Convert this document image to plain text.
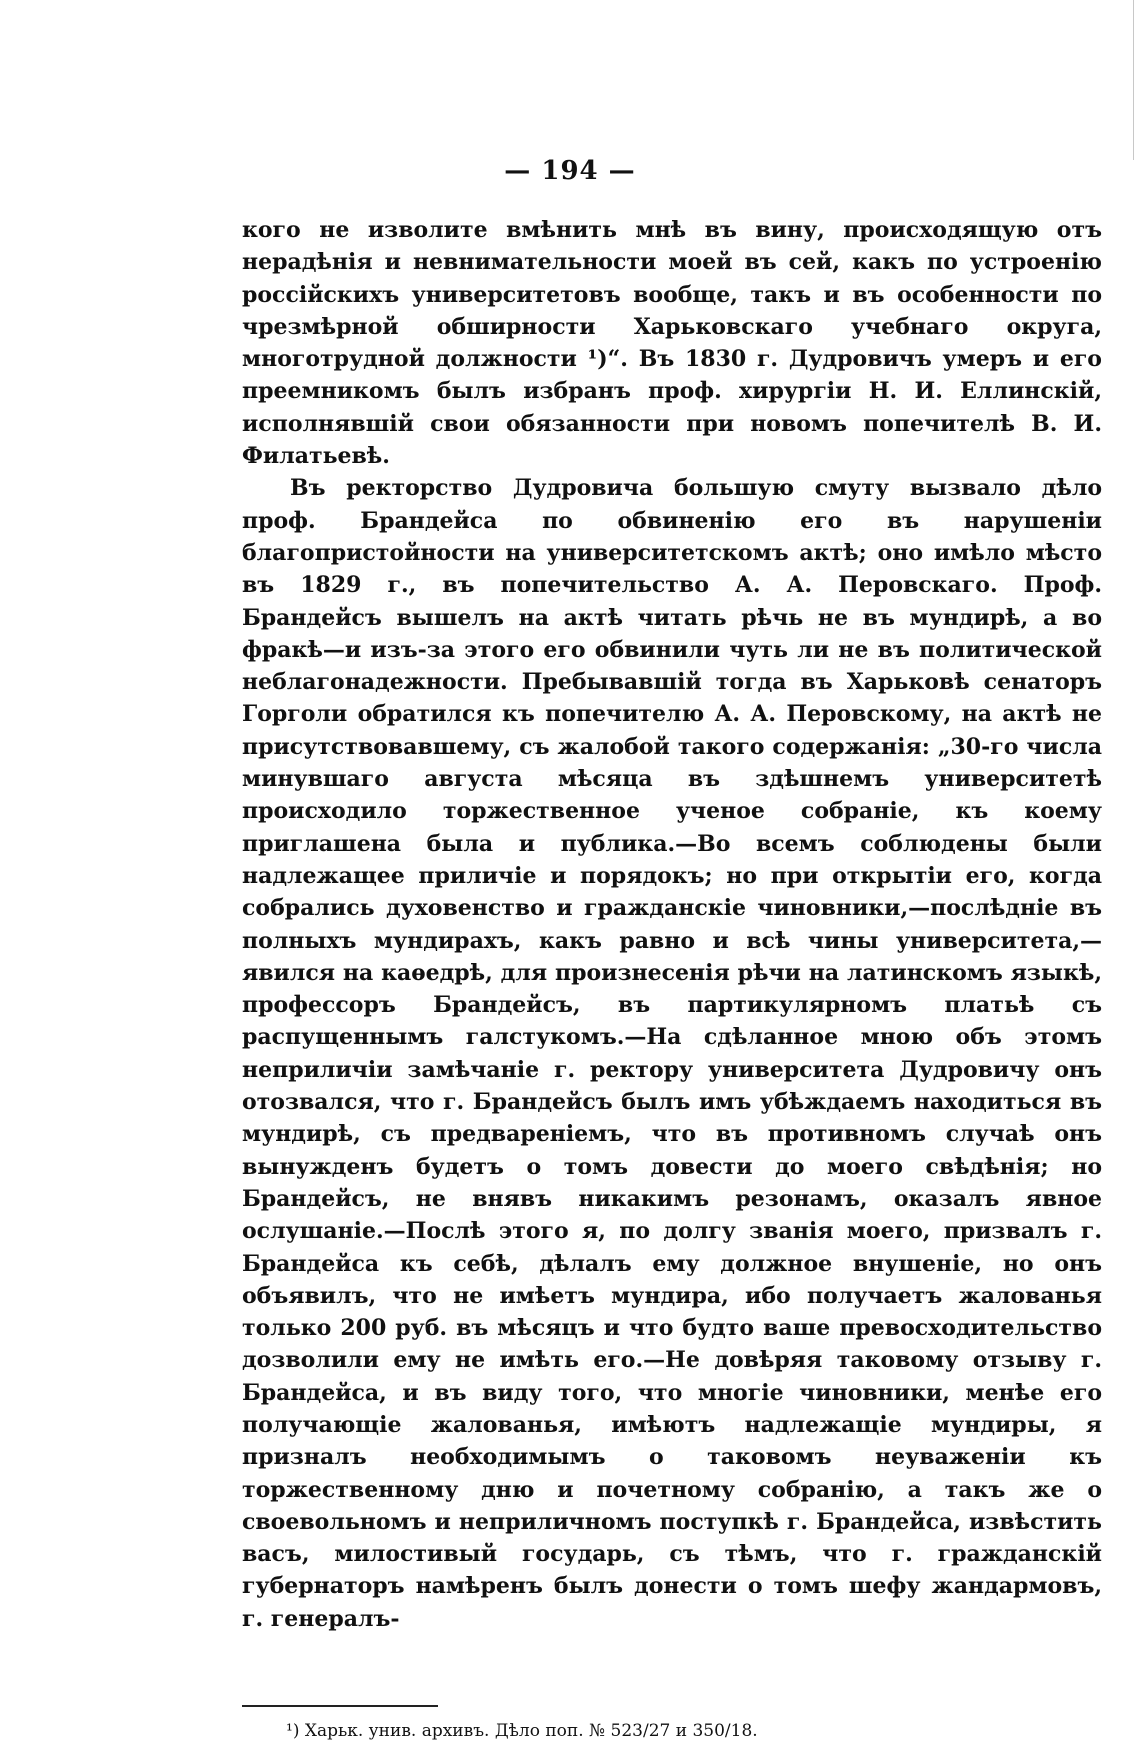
— 194 —

кого не изволите вмѣнить мнѣ въ вину, происходящую отъ нерадѣнія и невнимательности моей въ сей, какъ по устроенію россійскихъ университетовъ вообще, такъ и въ особенности по чрезмѣрной обширности Харьковскаго учебнаго округа, многотрудной должности ¹)“. Въ 1830 г. Дудровичъ умеръ и его преемникомъ былъ избранъ проф. хирургіи Н. И. Еллинскій, исполнявшій свои обязанности при новомъ попечителѣ В. И. Филатьевѣ.

Въ ректорство Дудровича большую смуту вызвало дѣло проф. Брандейса по обвиненію его въ нарушеніи благопристойности на университетскомъ актѣ; оно имѣло мѣсто въ 1829 г., въ попечительство А. А. Перовскаго. Проф. Брандейсъ вышелъ на актѣ читать рѣчь не въ мундирѣ, а во фракѣ—и изъ-за этого его обвинили чуть ли не въ политической неблагонадежности. Пребывавшій тогда въ Харьковѣ сенаторъ Горголи обратился къ попечителю А. А. Перовскому, на актѣ не присутствовавшему, съ жалобой такого содержанія: „30-го числа минувшаго августа мѣсяца въ здѣшнемъ университетѣ происходило торжественное ученое собраніе, къ коему приглашена была и публика.—Во всемъ соблюдены были надлежащее приличіе и порядокъ; но при открытіи его, когда собрались духовенство и гражданскіе чиновники,—послѣдніе въ полныхъ мундирахъ, какъ равно и всѣ чины университета,—явился на каѳедрѣ, для произнесенія рѣчи на латинскомъ языкѣ, профессоръ Брандейсъ, въ партикулярномъ платьѣ съ распущеннымъ галстукомъ.—На сдѣланное мною объ этомъ неприличіи замѣчаніе г. ректору университета Дудровичу онъ отозвался, что г. Брандейсъ былъ имъ убѣждаемъ находиться въ мундирѣ, съ предвареніемъ, что въ противномъ случаѣ онъ вынужденъ будетъ о томъ довести до моего свѣдѣнія; но Брандейсъ, не внявъ никакимъ резонамъ, оказалъ явное ослушаніе.—Послѣ этого я, по долгу званія моего, призвалъ г. Брандейса къ себѣ, дѣлалъ ему должное внушеніе, но онъ объявилъ, что не имѣетъ мундира, ибо получаетъ жалованья только 200 руб. въ мѣсяцъ и что будто ваше превосходительство дозволили ему не имѣть его.—Не довѣряя таковому отзыву г. Брандейса, и въ виду того, что многіе чиновники, менѣе его получающіе жалованья, имѣютъ надлежащіе мундиры, я призналъ необходимымъ о таковомъ неуваженіи къ торжественному дню и почетному собранію, а такъ же о своевольномъ и неприличномъ поступкѣ г. Брандейса, извѣстить васъ, милостивый государь, съ тѣмъ, что г. гражданскій губернаторъ намѣренъ былъ донести о томъ шефу жандармовъ, г. генералъ-

¹) Харьк. унив. архивъ. Дѣло поп. № 523/27 и 350/18.
